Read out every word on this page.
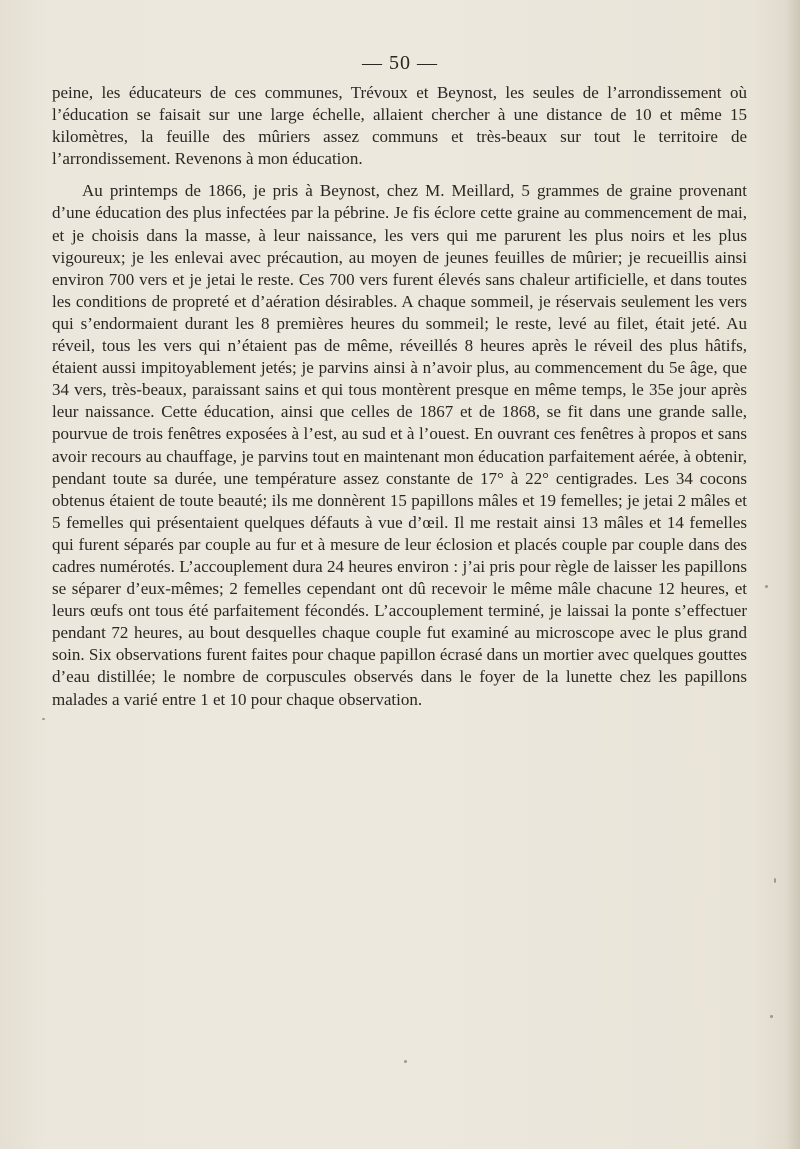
— 50 —

peine, les éducateurs de ces communes, Trévoux et Beynost, les seules de l’arrondissement où l’éducation se faisait sur une large échelle, allaient chercher à une distance de 10 et même 15 kilomètres, la feuille des mûriers assez communs et très-beaux sur tout le territoire de l’arrondissement. Revenons à mon éducation.

Au printemps de 1866, je pris à Beynost, chez M. Meillard, 5 grammes de graine provenant d’une éducation des plus infectées par la pébrine. Je fis éclore cette graine au commencement de mai, et je choisis dans la masse, à leur naissance, les vers qui me parurent les plus noirs et les plus vigoureux; je les enlevai avec précaution, au moyen de jeunes feuilles de mûrier; je recueillis ainsi environ 700 vers et je jetai le reste. Ces 700 vers furent élevés sans chaleur artificielle, et dans toutes les conditions de propreté et d’aération désirables. A chaque sommeil, je réservais seulement les vers qui s’endormaient durant les 8 premières heures du sommeil; le reste, levé au filet, était jeté. Au réveil, tous les vers qui n’étaient pas de même, réveillés 8 heures après le réveil des plus hâtifs, étaient aussi impitoyablement jetés; je parvins ainsi à n’avoir plus, au commencement du 5e âge, que 34 vers, très-beaux, paraissant sains et qui tous montèrent presque en même temps, le 35e jour après leur naissance. Cette éducation, ainsi que celles de 1867 et de 1868, se fit dans une grande salle, pourvue de trois fenêtres exposées à l’est, au sud et à l’ouest. En ouvrant ces fenêtres à propos et sans avoir recours au chauffage, je parvins tout en maintenant mon éducation parfaitement aérée, à obtenir, pendant toute sa durée, une température assez constante de 17° à 22° centigrades. Les 34 cocons obtenus étaient de toute beauté; ils me donnèrent 15 papillons mâles et 19 femelles; je jetai 2 mâles et 5 femelles qui présentaient quelques défauts à vue d’œil. Il me restait ainsi 13 mâles et 14 femelles qui furent séparés par couple au fur et à mesure de leur éclosion et placés couple par couple dans des cadres numérotés. L’accouplement dura 24 heures environ : j’ai pris pour règle de laisser les papillons se séparer d’eux-mêmes; 2 femelles cependant ont dû recevoir le même mâle chacune 12 heures, et leurs œufs ont tous été parfaitement fécondés. L’accouplement terminé, je laissai la ponte s’effectuer pendant 72 heures, au bout desquelles chaque couple fut examiné au microscope avec le plus grand soin. Six observations furent faites pour chaque papillon écrasé dans un mortier avec quelques gouttes d’eau distillée; le nombre de corpuscules observés dans le foyer de la lunette chez les papillons malades a varié entre 1 et 10 pour chaque observation.
